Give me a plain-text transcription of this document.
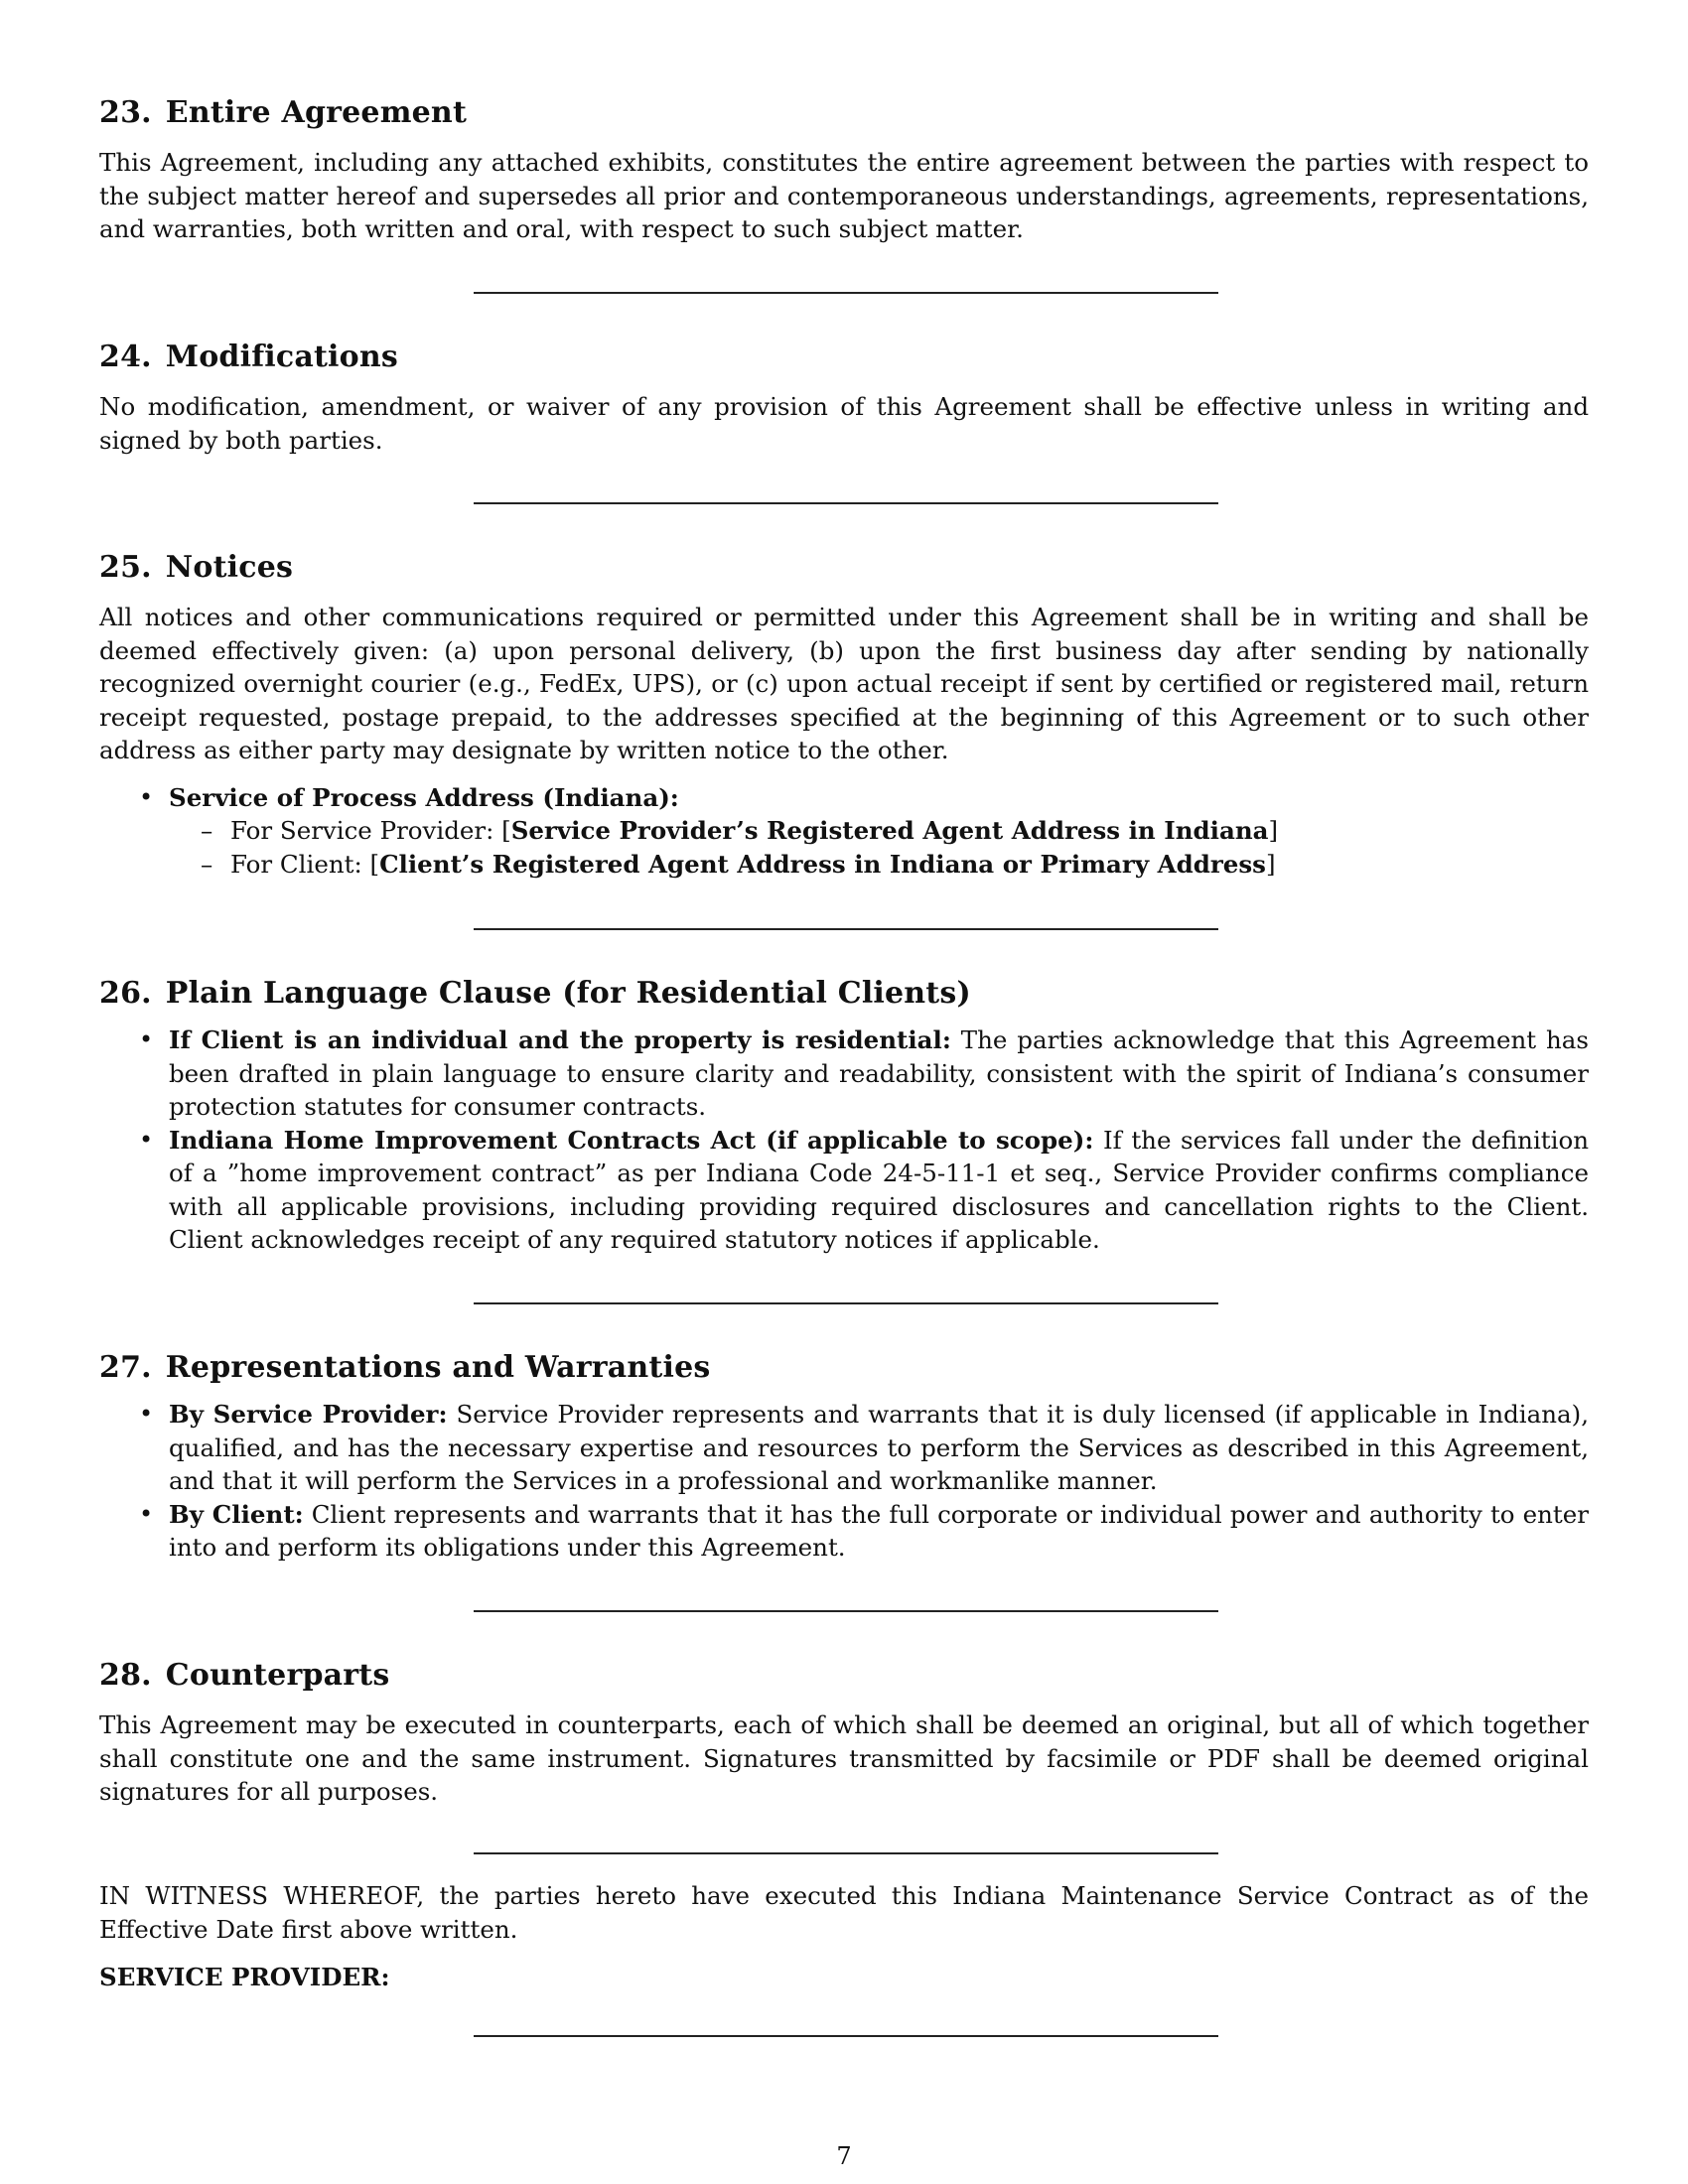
23. Entire Agreement

This Agreement, including any attached exhibits, constitutes the entire agreement between the parties with respect to the subject matter hereof and supersedes all prior and contemporaneous understandings, agreements, representations, and warranties, both written and oral, with respect to such subject matter.

24. Modifications

No modification, amendment, or waiver of any provision of this Agreement shall be effective unless in writing and signed by both parties.

25. Notices

All notices and other communications required or permitted under this Agreement shall be in writing and shall be deemed effectively given: (a) upon personal delivery, (b) upon the first business day after sending by nationally recognized overnight courier (e.g., FedEx, UPS), or (c) upon actual receipt if sent by certified or registered mail, return receipt requested, postage prepaid, to the addresses specified at the beginning of this Agreement or to such other address as either party may designate by written notice to the other.

• Service of Process Address (Indiana):
– For Service Provider: [Service Provider’s Registered Agent Address in Indiana]
– For Client: [Client’s Registered Agent Address in Indiana or Primary Address]
26. Plain Language Clause (for Residential Clients)
• If Client is an individual and the property is residential: The parties acknowledge that this Agreement has been drafted in plain language to ensure clarity and readability, consistent with the spirit of Indiana’s consumer protection statutes for consumer contracts.
• Indiana Home Improvement Contracts Act (if applicable to scope): If the services fall under the definition of a ”home improvement contract” as per Indiana Code 24-5-11-1 et seq., Service Provider confirms compliance with all applicable provisions, including providing required disclosures and cancellation rights to the Client. Client acknowledges receipt of any required statutory notices if applicable.
27. Representations and Warranties
• By Service Provider: Service Provider represents and warrants that it is duly licensed (if applicable in Indiana), qualified, and has the necessary expertise and resources to perform the Services as described in this Agreement, and that it will perform the Services in a professional and workmanlike manner.
• By Client: Client represents and warrants that it has the full corporate or individual power and authority to enter into and perform its obligations under this Agreement.
28. Counterparts

This Agreement may be executed in counterparts, each of which shall be deemed an original, but all of which together shall constitute one and the same instrument. Signatures transmitted by facsimile or PDF shall be deemed original signatures for all purposes.

IN WITNESS WHEREOF, the parties hereto have executed this Indiana Maintenance Service Contract as of the Effective Date first above written.

SERVICE PROVIDER:

7
